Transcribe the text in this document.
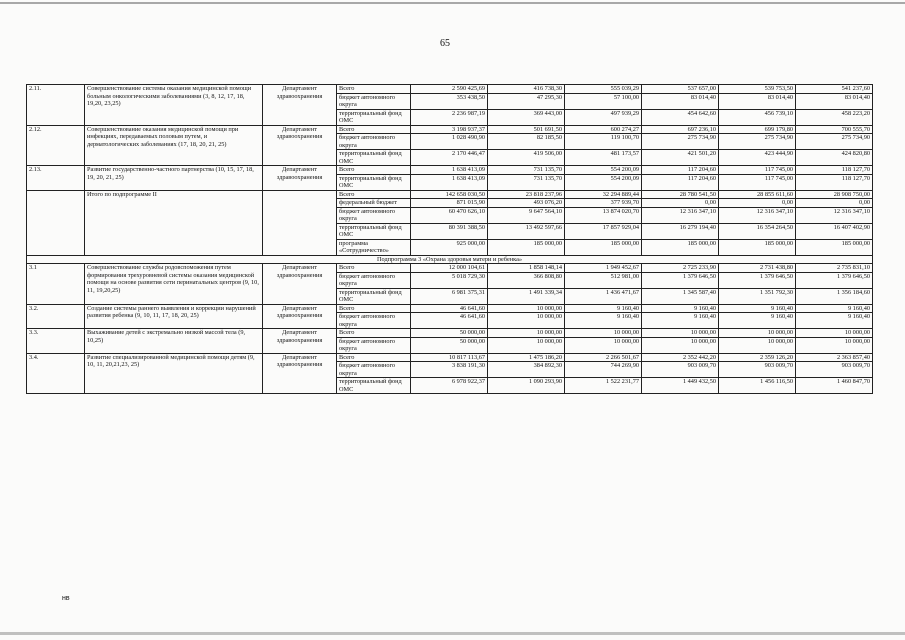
65
2.11.	Совершенствование системы оказания медицинской помощи больным онкологическими заболеваниями (3, 8, 12, 17, 18, 19,20, 23,25)	Департамент здравоохранения	Всего	2 590 425,69	416 738,30	555 039,29	537 657,00	539 753,50	541 237,60
			бюджет автономного округа	353 438,50	47 295,30	57 100,00	83 014,40	83 014,40	83 014,40
			территориальный фонд ОМС	2 236 987,19	369 443,00	497 939,29	454 642,60	456 739,10	458 223,20
2.12.	Совершенствование оказания медицинской помощи при инфекциях, передаваемых половым путем, и дерматологических заболеваниях (17, 18, 20, 21, 25)	Департамент здравоохранения	Всего	3 198 937,37	501 691,50	600 274,27	697 236,10	699 179,80	700 555,70
			бюджет автономного округа	1 028 490,90	82 185,50	119 100,70	275 734,90	275 734,90	275 734,90
			территориальный фонд ОМС	2 170 446,47	419 506,00	481 173,57	421 501,20	423 444,90	424 820,80
2.13.	Развитие государственно-частного партнерства (10, 15, 17, 18, 19, 20, 21, 25)	Департамент здравоохранения	Всего	1 638 413,09	731 135,70	554 200,09	117 204,60	117 745,00	118 127,70
			территориальный фонд ОМС	1 638 413,09	731 135,70	554 200,09	117 204,60	117 745,00	118 127,70
	Итого по подпрограмме II		Всего	142 658 030,50	23 818 237,96	32 294 889,44	28 780 541,50	28 855 611,60	28 908 750,00
			федеральный бюджет	871 015,90	493 076,20	377 939,70	0,00	0,00	0,00
			бюджет автономного округа	60 470 626,10	9 647 564,10	13 874 020,70	12 316 347,10	12 316 347,10	12 316 347,10
			территориальный фонд ОМС	80 391 388,50	13 492 597,66	17 857 929,04	16 279 194,40	16 354 264,50	16 407 402,90
			программа «Сотрудничество»	925 000,00	185 000,00	185 000,00	185 000,00	185 000,00	185 000,00
Подпрограмма 3 «Охрана здоровья матери и ребенка»									
3.1	Совершенствование службы родовспоможения путем формирования трехуровневой системы оказания медицинской помощи на основе развития сети перинатальных центров (9, 10, 11, 19,20,25)	Департамент здравоохранения	Всего	12 000 104,61	1 858 148,14	1 949 452,67	2 725 233,90	2 731 438,80	2 735 831,10
			бюджет автономного округа	5 018 729,30	366 808,80	512 981,00	1 379 646,50	1 379 646,50	1 379 646,50
			территориальный фонд ОМС	6 981 375,31	1 491 339,34	1 436 471,67	1 345 587,40	1 351 792,30	1 356 184,60
3.2.	Создание системы раннего выявления и коррекции нарушений развития ребенка (9, 10, 11, 17, 18, 20, 25)	Департамент здравоохранения	Всего	46 641,60	10 000,00	9 160,40	9 160,40	9 160,40	9 160,40
			бюджет автономного округа	46 641,60	10 000,00	9 160,40	9 160,40	9 160,40	9 160,40
3.3.	Выхаживание детей с экстремально низкой массой тела (9, 10,25)	Департамент здравоохранения	Всего	50 000,00	10 000,00	10 000,00	10 000,00	10 000,00	10 000,00
			бюджет автономного округа	50 000,00	10 000,00	10 000,00	10 000,00	10 000,00	10 000,00
3.4.	Развитие специализированной медицинской помощи детям (9, 10, 11, 20,21,23, 25)	Департамент здравоохранения	Всего	10 817 113,67	1 475 186,20	2 266 501,67	2 352 442,20	2 359 126,20	2 363 857,40
			бюджет автономного округа	3 838 191,30	384 892,30	744 269,90	903 009,70	903 009,70	903 009,70
			территориальный фонд ОМС	6 978 922,37	1 090 293,90	1 522 231,77	1 449 432,50	1 456 116,50	1 460 847,70
нв
